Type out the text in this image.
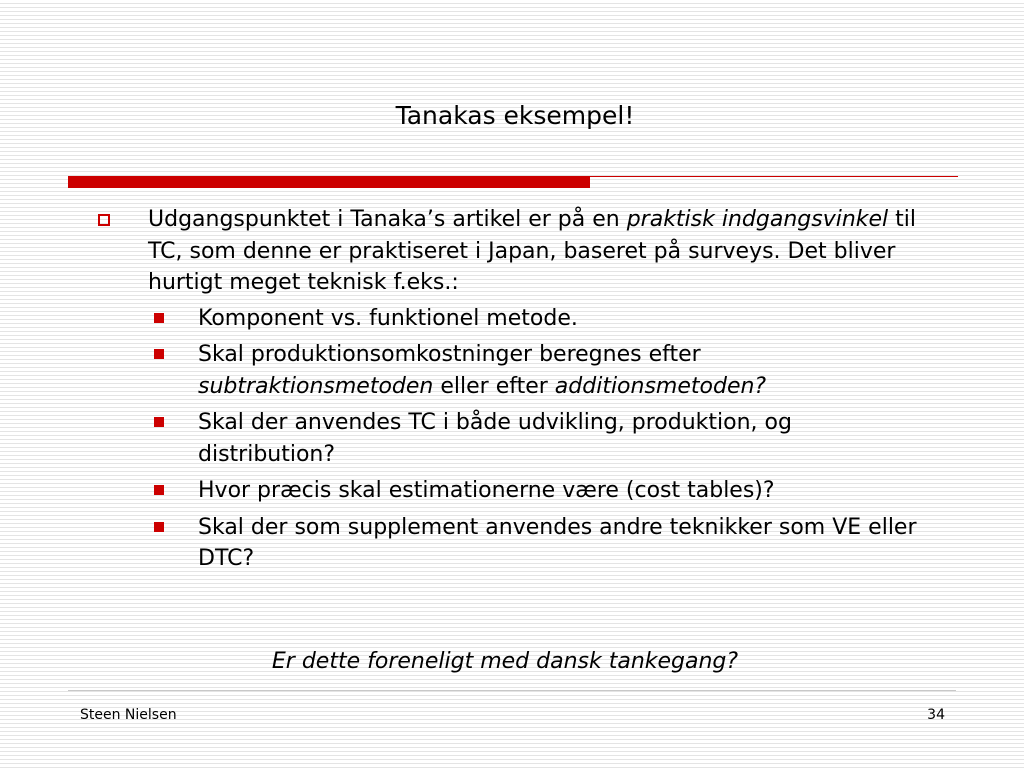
Tanakas eksempel!
Udgangspunktet i Tanaka’s artikel er på en praktisk indgangsvinkel til TC, som denne er praktiseret i Japan, baseret på surveys. Det bliver hurtigt meget teknisk f.eks.:
Komponent vs. funktionel metode.
Skal produktionsomkostninger beregnes efter subtraktionsmetoden eller efter additionsmetoden?
Skal der anvendes TC i både udvikling, produktion, og distribution?
Hvor præcis skal estimationerne være (cost tables)?
Skal der som supplement anvendes andre teknikker som VE eller DTC?
Er dette foreneligt med dansk tankegang?
Steen Nielsen	34
